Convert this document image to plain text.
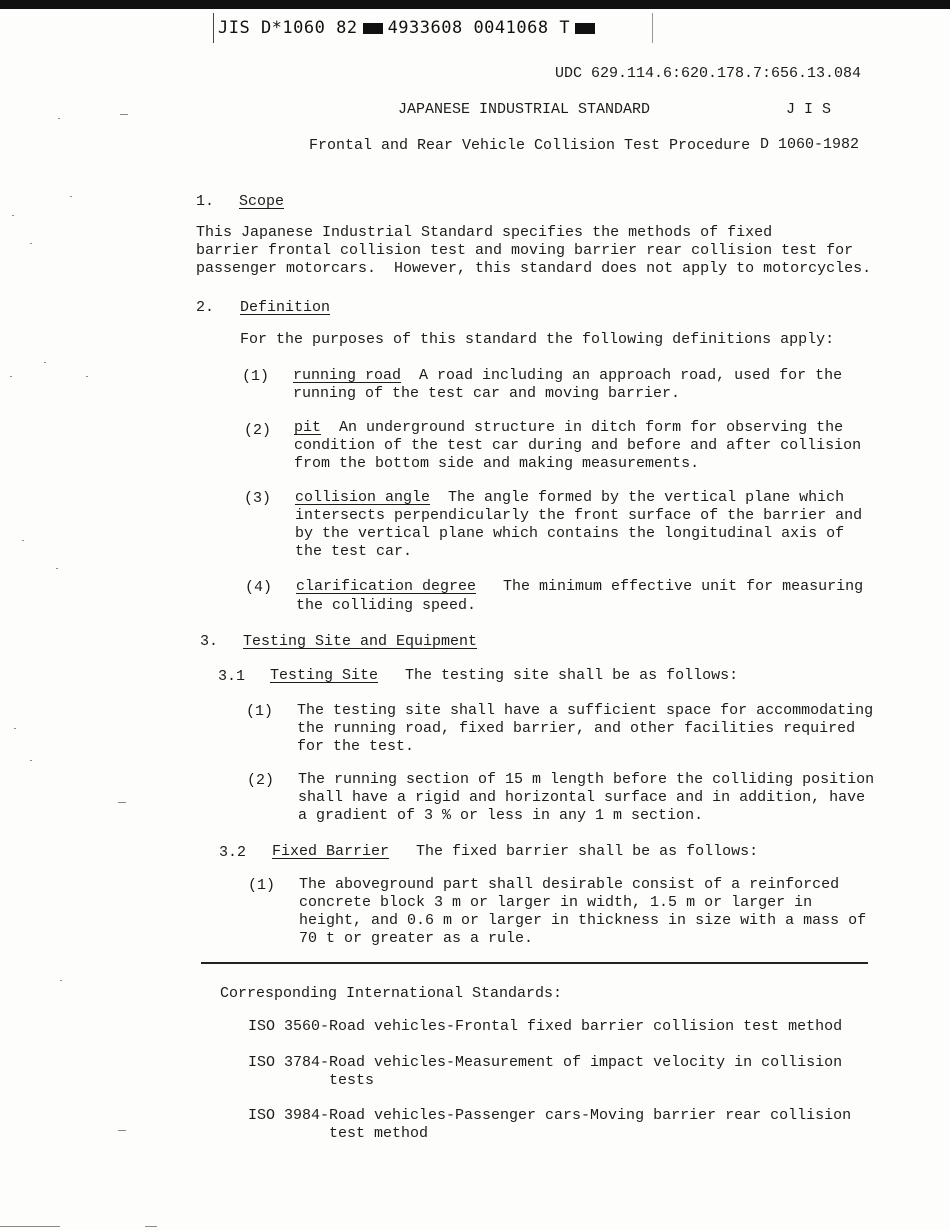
JIS D*1060 82 4933608 0041068 T
UDC 629.114.6:620.178.7:656.13.084
JAPANESE INDUSTRIAL STANDARD	J I S
Frontal and Rear Vehicle Collision Test Procedure D 1060-1982
1. Scope
This Japanese Industrial Standard specifies the methods of fixed
barrier frontal collision test and moving barrier rear collision test for
passenger motorcars.  However, this standard does not apply to motorcycles.
2. Definition
For the purposes of this standard the following definitions apply:
(1) running road  A road including an approach road, used for the
running of the test car and moving barrier.
(2) pit  An underground structure in ditch form for observing the
condition of the test car during and before and after collision
from the bottom side and making measurements.
(3) collision angle  The angle formed by the vertical plane which
intersects perpendicularly the front surface of the barrier and
by the vertical plane which contains the longitudinal axis of
the test car.
(4) clarification degree   The minimum effective unit for measuring
the colliding speed.
3. Testing Site and Equipment
3.1 Testing Site   The testing site shall be as follows:
(1) The testing site shall have a sufficient space for accommodating
the running road, fixed barrier, and other facilities required
for the test.
(2) The running section of 15 m length before the colliding position
shall have a rigid and horizontal surface and in addition, have
a gradient of 3 % or less in any 1 m section.
3.2 Fixed Barrier   The fixed barrier shall be as follows:
(1) The aboveground part shall desirable consist of a reinforced
concrete block 3 m or larger in width, 1.5 m or larger in
height, and 0.6 m or larger in thickness in size with a mass of
70 t or greater as a rule.
Corresponding International Standards:
ISO 3560-Road vehicles-Frontal fixed barrier collision test method
ISO 3784-Road vehicles-Measurement of impact velocity in collision
tests
ISO 3984-Road vehicles-Passenger cars-Moving barrier rear collision
test method
